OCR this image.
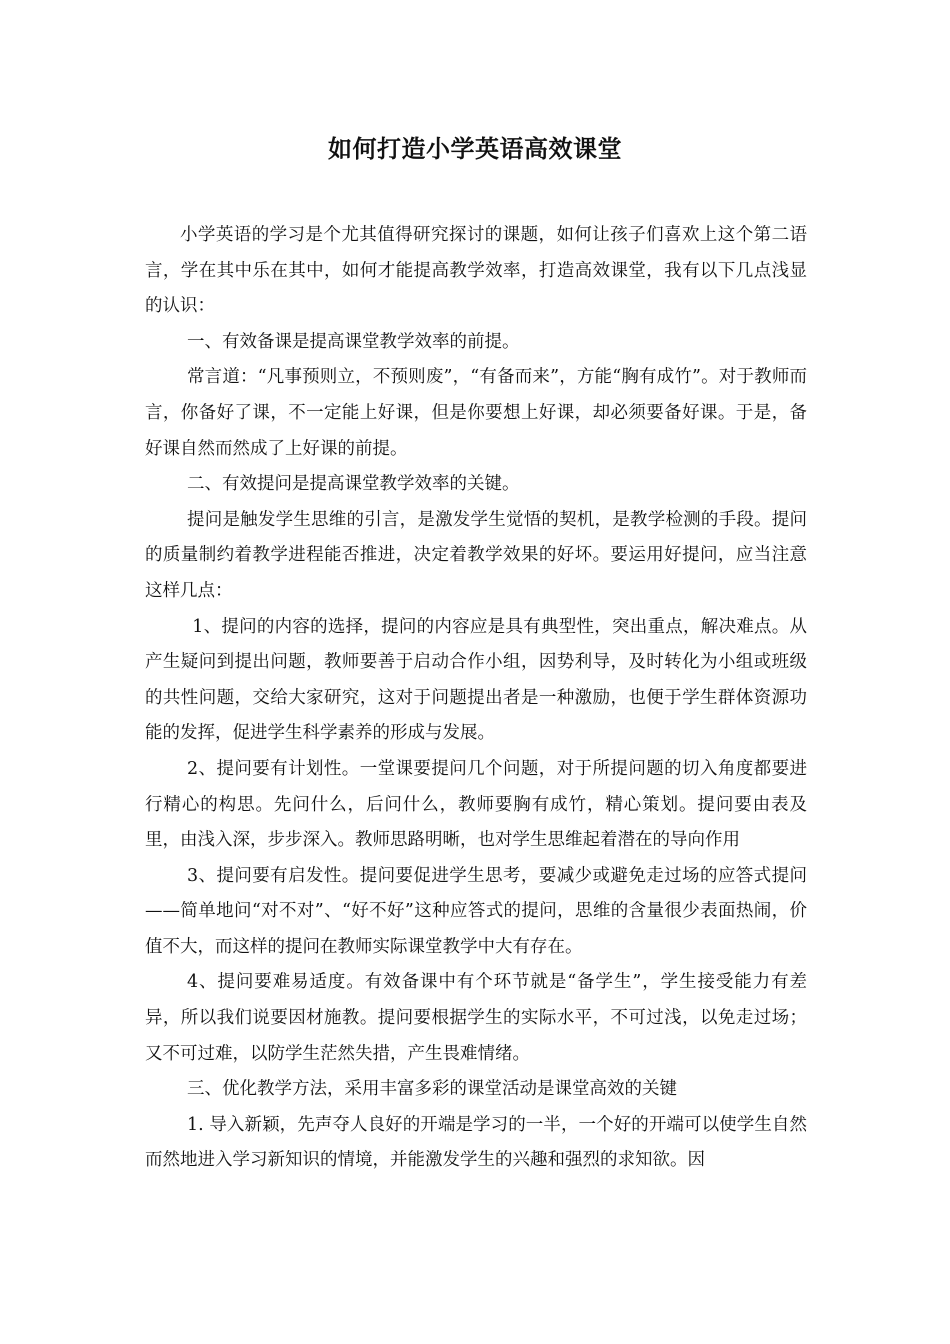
如何打造小学英语高效课堂

小学英语的学习是个尤其值得研究探讨的课题，如何让孩子们喜欢上这个第二语言，学在其中乐在其中，如何才能提高教学效率，打造高效课堂，我有以下几点浅显的认识：

一、有效备课是提高课堂教学效率的前提。

常言道：“凡事预则立，不预则废”，“有备而来”，方能“胸有成竹”。对于教师而言，你备好了课，不一定能上好课，但是你要想上好课，却必须要备好课。于是，备好课自然而然成了上好课的前提。

二、有效提问是提高课堂教学效率的关键。

提问是触发学生思维的引言，是激发学生觉悟的契机，是教学检测的手段。提问的质量制约着教学进程能否推进，决定着教学效果的好坏。要运用好提问，应当注意这样几点：

1、提问的内容的选择，提问的内容应是具有典型性，突出重点，解决难点。从产生疑问到提出问题，教师要善于启动合作小组，因势利导，及时转化为小组或班级的共性问题，交给大家研究，这对于问题提出者是一种激励，也便于学生群体资源功能的发挥，促进学生科学素养的形成与发展。

2、提问要有计划性。一堂课要提问几个问题，对于所提问题的切入角度都要进行精心的构思。先问什么，后问什么，教师要胸有成竹，精心策划。提问要由表及里，由浅入深，步步深入。教师思路明晰，也对学生思维起着潜在的导向作用

3、提问要有启发性。提问要促进学生思考，要减少或避免走过场的应答式提问——简单地问“对不对”、“好不好”这种应答式的提问，思维的含量很少表面热闹，价值不大，而这样的提问在教师实际课堂教学中大有存在。

4、提问要难易适度。有效备课中有个环节就是“备学生”，学生接受能力有差异，所以我们说要因材施教。提问要根据学生的实际水平，不可过浅，以免走过场；又不可过难，以防学生茫然失措，产生畏难情绪。

三、优化教学方法，采用丰富多彩的课堂活动是课堂高效的关键

1. 导入新颖，先声夺人良好的开端是学习的一半，一个好的开端可以使学生自然而然地进入学习新知识的情境，并能激发学生的兴趣和强烈的求知欲。因
